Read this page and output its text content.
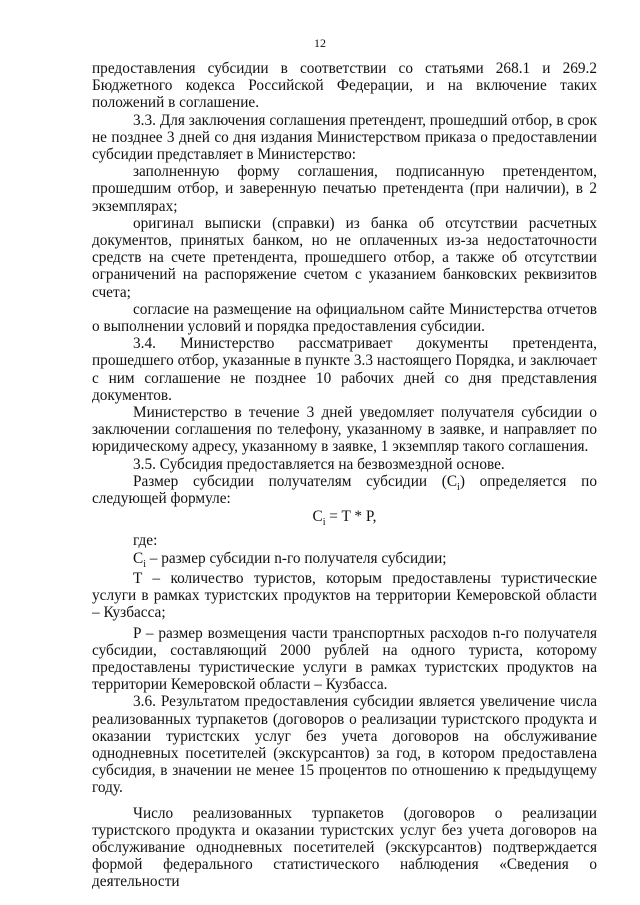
12

предоставления субсидии в соответствии со статьями 268.1 и 269.2 Бюджетного кодекса Российской Федерации, и на включение таких положений в соглашение.

3.3. Для заключения соглашения претендент, прошедший отбор, в срок не позднее 3 дней со дня издания Министерством приказа о предоставлении субсидии представляет в Министерство:

заполненную форму соглашения, подписанную претендентом, прошедшим отбор, и заверенную печатью претендента (при наличии), в 2 экземплярах;

оригинал выписки (справки) из банка об отсутствии расчетных документов, принятых банком, но не оплаченных из-за недостаточности средств на счете претендента, прошедшего отбор, а также об отсутствии ограничений на распоряжение счетом с указанием банковских реквизитов счета;

согласие на размещение на официальном сайте Министерства отчетов о выполнении условий и порядка предоставления субсидии.

3.4. Министерство рассматривает документы претендента, прошедшего отбор, указанные в пункте 3.3 настоящего Порядка, и заключает с ним соглашение не позднее 10 рабочих дней со дня представления документов.

Министерство в течение 3 дней уведомляет получателя субсидии о заключении соглашения по телефону, указанному в заявке, и направляет по юридическому адресу, указанному в заявке, 1 экземпляр такого соглашения.

3.5. Субсидия предоставляется на безвозмездной основе.

Размер субсидии получателям субсидии $(C_i)$ определяется по следующей формуле:

$C_i = T * P$,

где:

$C_i$ – размер субсидии n-го получателя субсидии;

T – количество туристов, которым предоставлены туристические услуги в рамках туристских продуктов на территории Кемеровской области – Кузбасса;

P – размер возмещения части транспортных расходов n-го получателя субсидии, составляющий 2000 рублей на одного туриста, которому предоставлены туристические услуги в рамках туристских продуктов на территории Кемеровской области – Кузбасса.

3.6. Результатом предоставления субсидии является увеличение числа реализованных турпакетов (договоров о реализации туристского продукта и оказании туристских услуг без учета договоров на обслуживание однодневных посетителей (экскурсантов) за год, в котором предоставлена субсидия, в значении не менее 15 процентов по отношению к предыдущему году.

Число реализованных турпакетов (договоров о реализации туристского продукта и оказании туристских услуг без учета договоров на обслуживание однодневных посетителей (экскурсантов) подтверждается формой федерального статистического наблюдения «Сведения о деятельности
